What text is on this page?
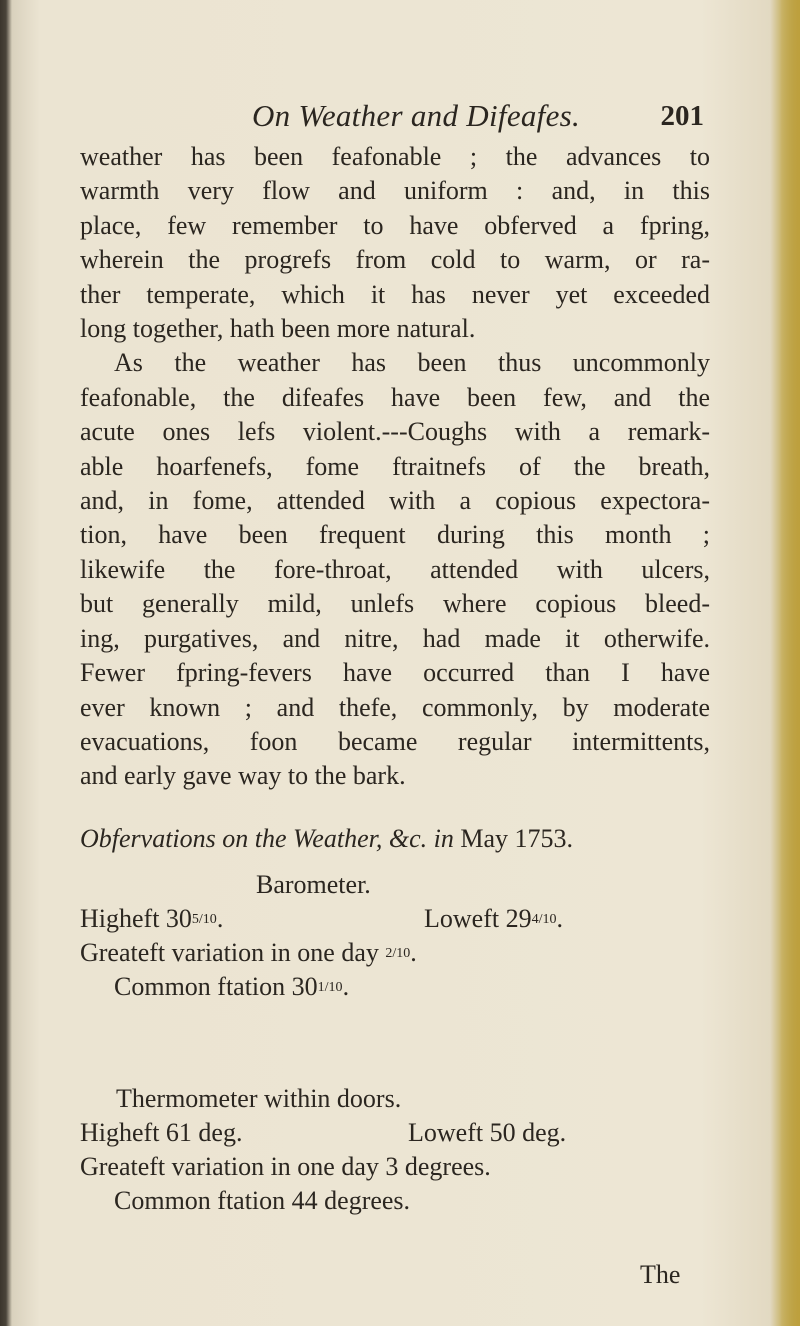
On Weather and Difeafes.	201
weather has been feafonable ; the advances to
warmth very flow and uniform : and, in this
place, few remember to have obferved a fpring,
wherein the progrefs from cold to warm, or ra-
ther temperate, which it has never yet exceeded
long together, hath been more natural.
As the weather has been thus uncommonly
feafonable, the difeafes have been few, and the
acute ones lefs violent.---Coughs with a remark-
able hoarfenefs, fome ftraitnefs of the breath,
and, in fome, attended with a copious expectora-
tion, have been frequent during this month ;
likewife the fore-throat, attended with ulcers,
but generally mild, unlefs where copious bleed-
ing, purgatives, and nitre, had made it otherwife.
Fewer fpring-fevers have occurred than I have
ever known ; and thefe, commonly, by moderate
evacuations, foon became regular intermittents,
and early gave way to the bark.
Obfervations on the Weather, &c. in May 1753.
Barometer.
Higheft 305/10.	Loweft 294/10.
Greateft variation in one day 2/10.
Common ftation 301/10.
Thermometer within doors.
Higheft 61 deg.	Loweft 50 deg.
Greateft variation in one day 3 degrees.
Common ftation 44 degrees.
The
